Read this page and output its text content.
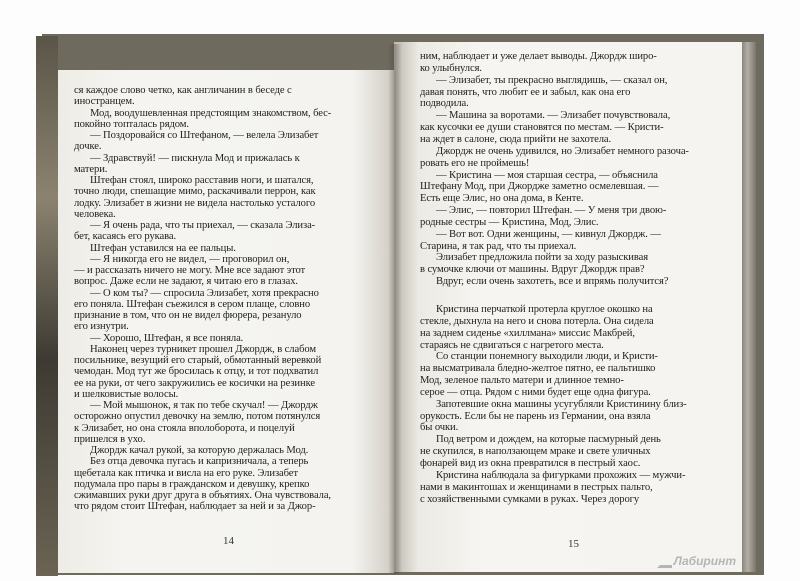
ся каждое слово четко, как англичанин в беседе с
иностранцем.
Мод, воодушевленная предстоящим знакомством, бес-
покойно топталась рядом.
— Поздоровайся со Штефаном, — велела Элизабет
дочке.
— Здравствуй! — пискнула Мод и прижалась к
матери.
Штефан стоял, широко расставив ноги, и шатался,
точно люди, спешащие мимо, раскачивали перрон, как
лодку. Элизабет в жизни не видела настолько усталого
человека.
— Я очень рада, что ты приехал, — сказала Элиза-
бет, касаясь его рукава.
Штефан уставился на ее пальцы.
— Я никогда его не видел, — проговорил он,
— и рассказать ничего не могу. Мне все задают этот
вопрос. Даже если не задают, я читаю его в глазах.
— О ком ты? — спросила Элизабет, хотя прекрасно
его поняла. Штефан съежился в сером плаще, словно
признание в том, что он не видел фюрера, резануло
его изнутри.
— Хорошо, Штефан, я все поняла.
Наконец через турникет прошел Джордж, в слабом
посильнике, везущий его старый, обмотанный веревкой
чемодан. Мод тут же бросилась к отцу, и тот подхватил
ее на руки, от чего закружились ее косички на резинке
и шелковистые волосы.
— Мой мышонок, я так по тебе скучал! — Джордж
осторожно опустил девочку на землю, потом потянулся
к Элизабет, но она стояла вполоборота, и поцелуй
пришелся в ухо.
Джордж качал рукой, за которую держалась Мод.
Без отца девочка пугась и капризничала, а теперь
щебетала как птичка и висла на его руке. Элизабет
подумала про пары в гражданском и девушку, крепко
сжимавших руки друг друга в объятиях. Она чувствовала,
что рядом стоит Штефан, наблюдает за ней и за Джор-
14
ним, наблюдает и уже делает выводы. Джордж широ-
ко улыбнулся.
— Элизабет, ты прекрасно выглядишь, — сказал он,
давая понять, что любит ее и забыл, как она его
подводила.
— Машина за воротами. — Элизабет почувствовала,
как кусочки ее души становятся по местам. — Кристи-
на ждет в салоне, сюда прийти не захотела.
Джордж не очень удивился, но Элизабет немного разоча-
ровать его не проймешь!
— Кристина — моя старшая сестра, — объяснила
Штефану Мод, при Джордже заметно осмелевшая. —
Есть еще Элис, но она дома, в Кенте.
— Элис, — повторил Штефан. — У меня три двою-
родные сестры — Кристина, Мод, Элис.
— Вот вот. Одни женщины, — кивнул Джордж. —
Старина, я так рад, что ты приехал.
Элизабет предложила пойти за ходу разыскивая
в сумочке ключи от машины. Вдруг Джордж прав?
Вдруг, если очень захотеть, все и впрямь получится?
Кристина перчаткой протерла круглое окошко на
стекле, дыхнула на него и снова потерла. Она сидела
на заднем сиденье «хиллмана» миссис Макбрей,
стараясь не сдвигаться с нагретого места.
Со станции понемногу выходили люди, и Кристи-
на высматривала бледно-желтое пятно, ее пальтишко
Мод, зеленое пальто матери и длинное темно-
серое — отца. Рядом с ними будет еще одна фигура.
Запотевшие окна машины усугубляли Кристинину близ-
орукость. Если бы не парень из Германии, она взяла
бы очки.
Под ветром и дождем, на которые пасмурный день
не скупился, в наползающем мраке и свете уличных
фонарей вид из окна превратился в пестрый хаос.
Кристина наблюдала за фигурками прохожих — мужчи-
нами в макинтошах и женщинами в пестрых пальто,
с хозяйственными сумками в руках. Через дорогу
15
Лабиринт
